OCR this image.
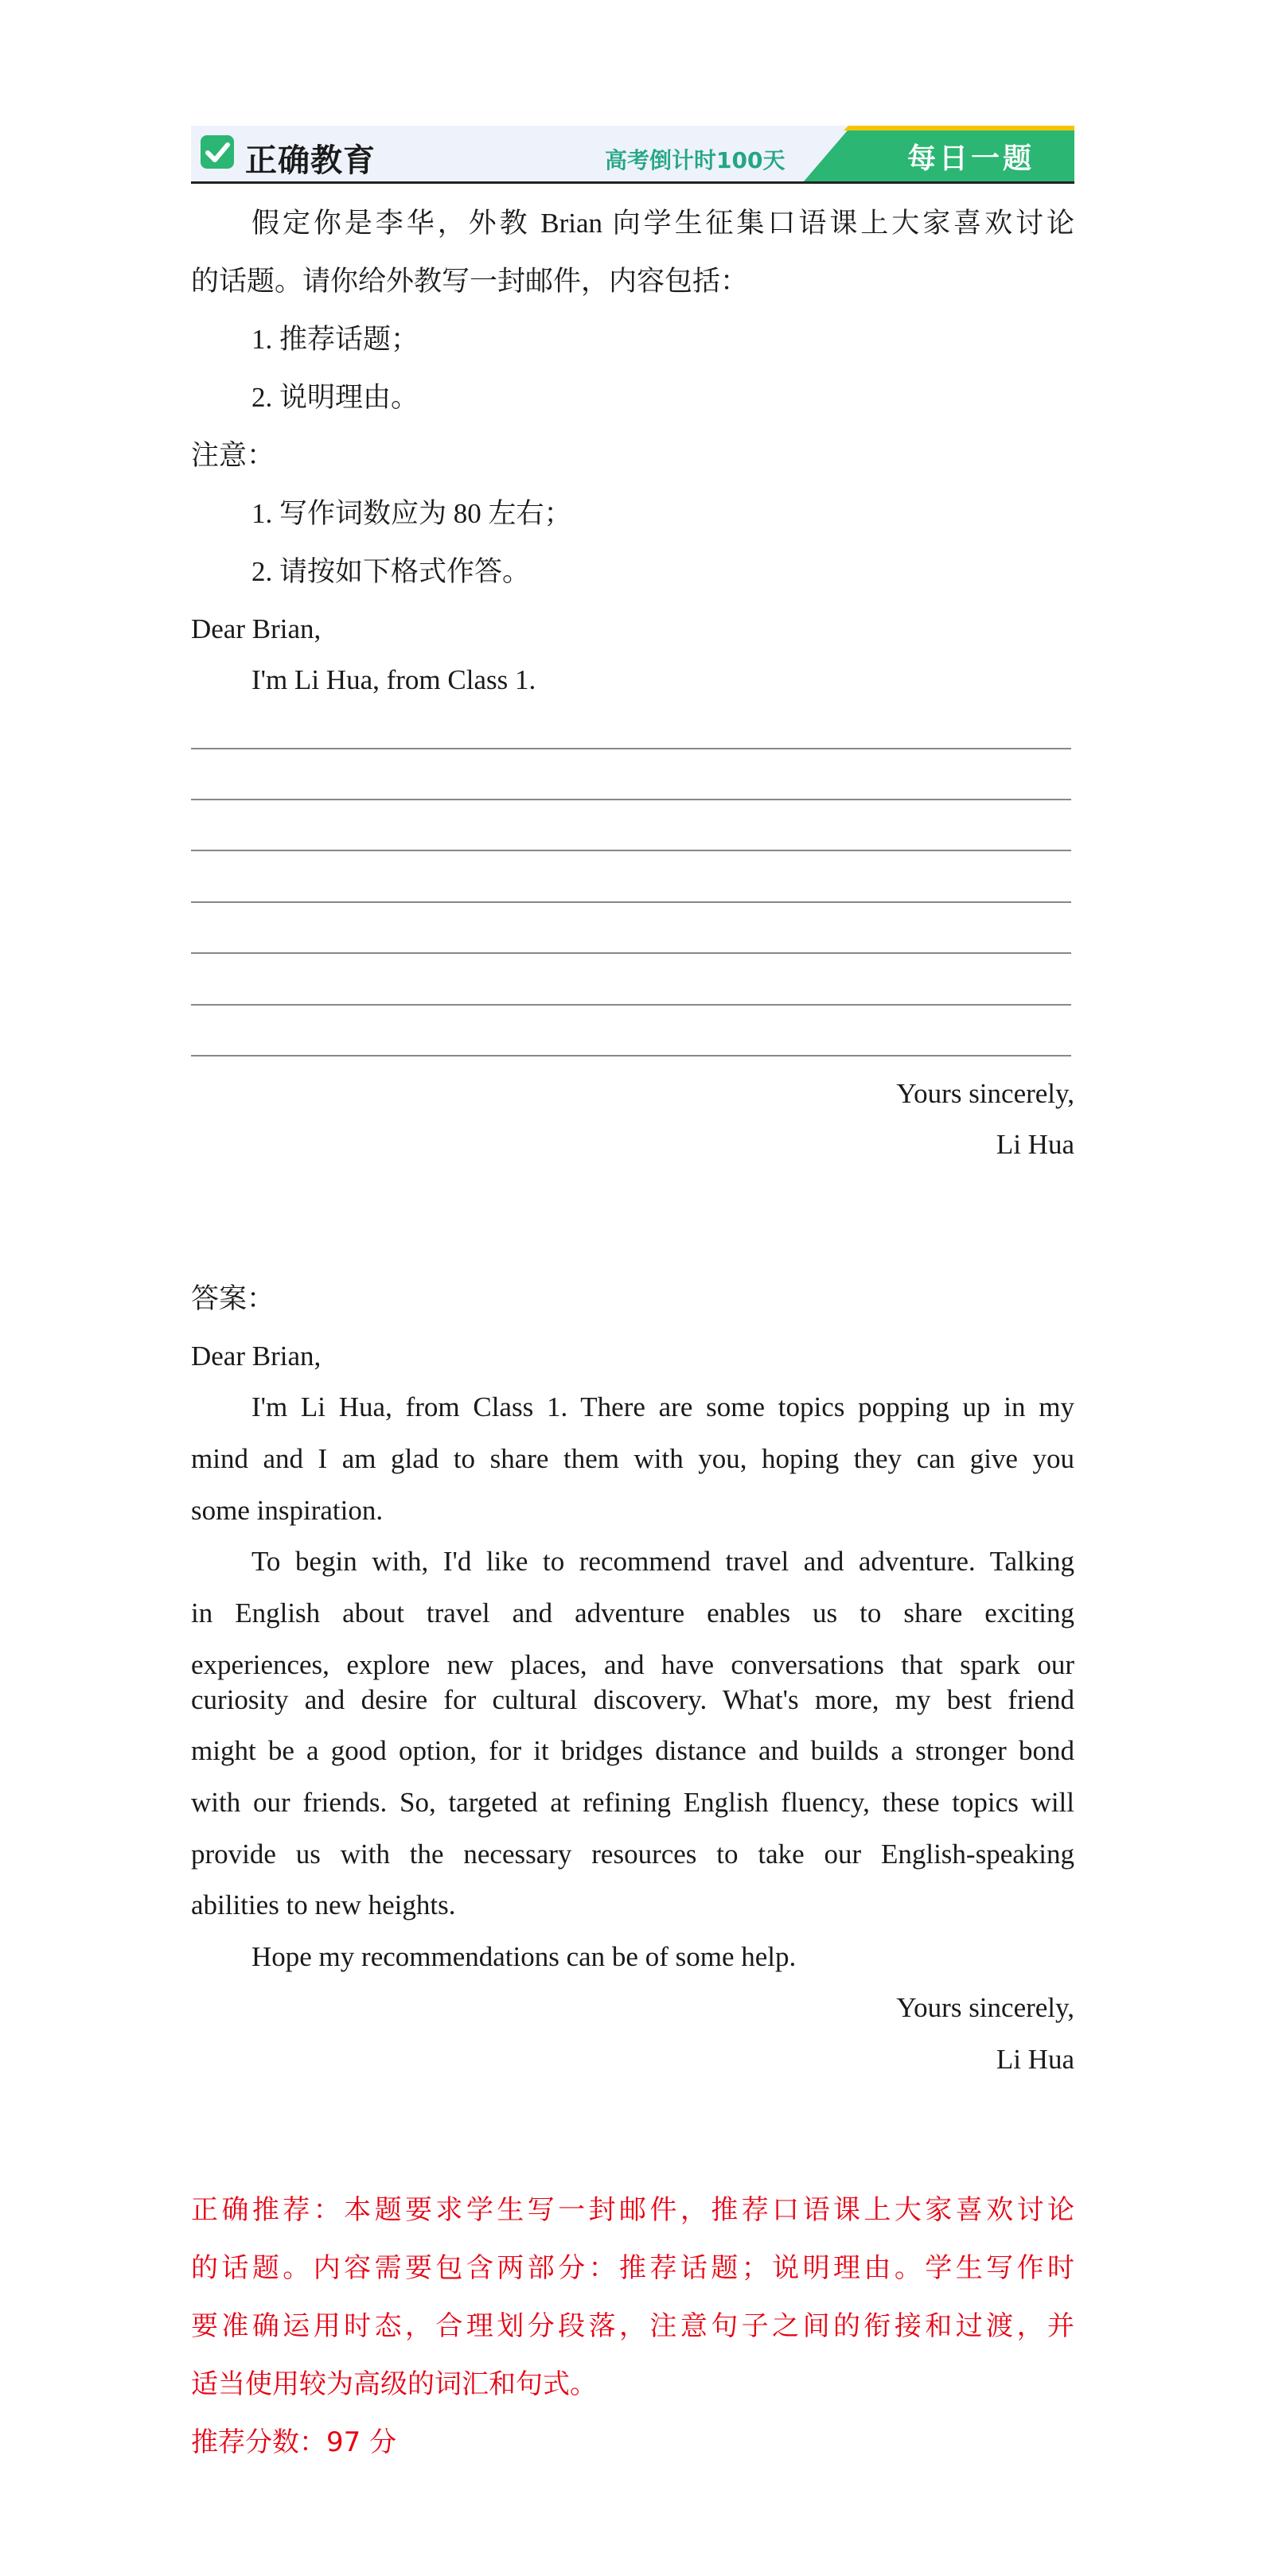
正确教育	高考倒计时100天	每日一题
假定你是李华，外教 Brian 向学生征集口语课上大家喜欢讨论
的话题。请你给外教写一封邮件，内容包括：
1. 推荐话题；
2. 说明理由。
注意：
1. 写作词数应为 80 左右；
2. 请按如下格式作答。
Dear Brian,
I'm Li Hua, from Class 1.
Yours sincerely,
Li Hua
答案：
Dear Brian,
I'm Li Hua, from Class 1. There are some topics popping up in my
mind and I am glad to share them with you, hoping they can give you
some inspiration.
To begin with, I'd like to recommend travel and adventure. Talking
in English about travel and adventure enables us to share exciting
experiences, explore new places, and have conversations that spark our
curiosity and desire for cultural discovery. What's more, my best friend
might be a good option, for it bridges distance and builds a stronger bond
with our friends. So, targeted at refining English fluency, these topics will
provide us with the necessary resources to take our English-speaking
abilities to new heights.
Hope my recommendations can be of some help.
Yours sincerely,
Li Hua
正确推荐：本题要求学生写一封邮件，推荐口语课上大家喜欢讨论
的话题。内容需要包含两部分：推荐话题；说明理由。学生写作时
要准确运用时态，合理划分段落，注意句子之间的衔接和过渡，并
适当使用较为高级的词汇和句式。
推荐分数：97 分
